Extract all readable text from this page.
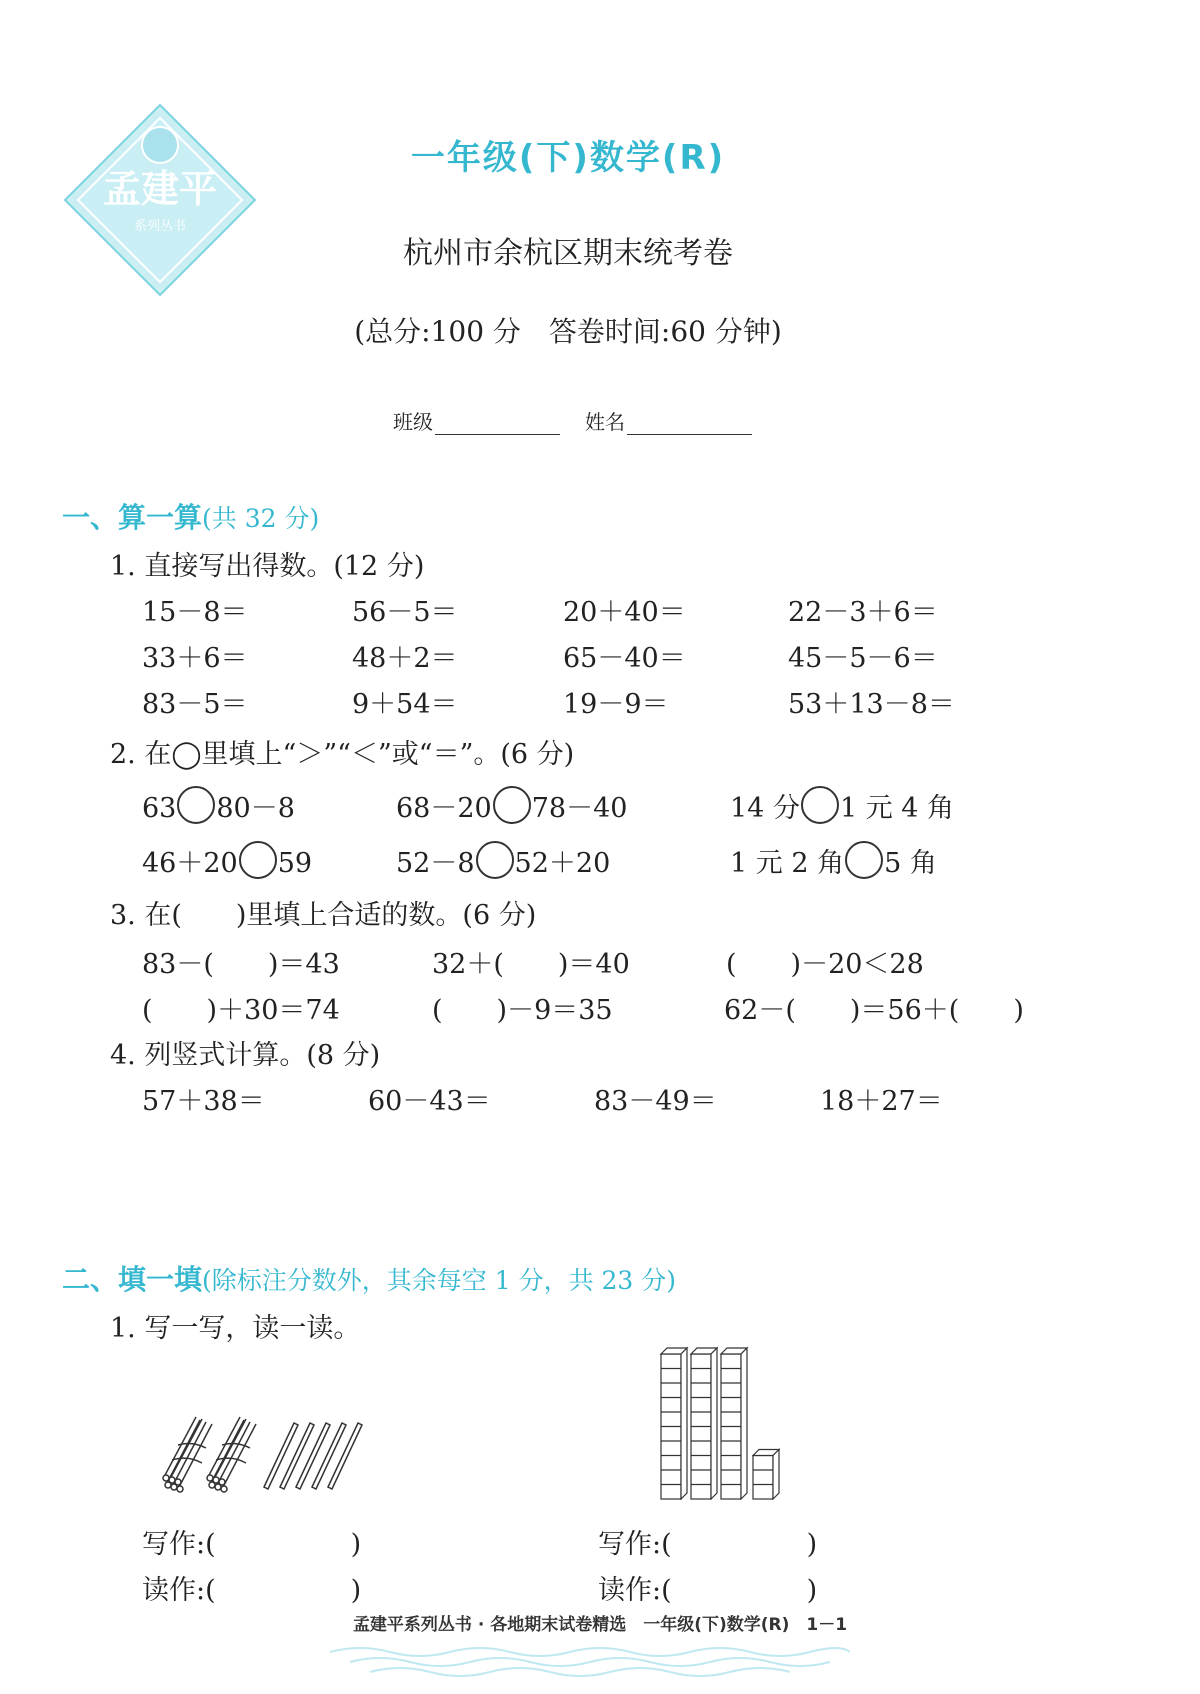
孟建平
系列丛书
一年级(下)数学(R)
杭州市余杭区期末统考卷
(总分:100 分　答卷时间:60 分钟)
班级	姓名
一、算一算(共 32 分)
1. 直接写出得数。(12 分)
15－8＝	56－5＝	20＋40＝	22－3＋6＝
33＋6＝	48＋2＝	65－40＝	45－5－6＝
83－5＝	9＋54＝	19－9＝	53＋13－8＝
2. 在◯里填上“＞”“＜”或“＝”。(6 分)
63 80－8	68－20 78－40	14 分 1 元 4 角
46＋20 59	52－8 52＋20	1 元 2 角 5 角
3. 在(　　)里填上合适的数。(6 分)
83－(　　)＝43	32＋(　　)＝40	(　　)－20＜28
(　　)＋30＝74	(　　)－9＝35	62－(　　)＝56＋(　　)
4. 列竖式计算。(8 分)
57＋38＝	60－43＝	83－49＝	18＋27＝
二、填一填(除标注分数外，其余每空 1 分，共 23 分)
1. 写一写，读一读。
写作:(　　　　　)
读作:(　　　　　)
写作:(　　　　　)
读作:(　　　　　)
孟建平系列丛书 · 各地期末试卷精选　一年级(下)数学(R)　1－1
